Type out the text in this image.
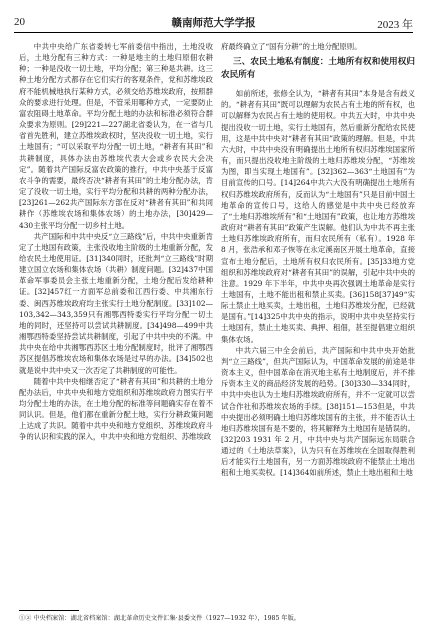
20	赣南师范大学学报	2023 年

中共中央给广东省委转七军前委信中指出，土地没收后，土地分配有三种方式：一种是地主的土地归原佃农耕种；一种是没收一切土地，平均分配；第三种是共耕。这三种土地分配方式都存在它们实行的客观条件，党和苏维埃政府不能机械地执行某种方式，必须交给苏维埃政府，按照群众的要求进行处理。但是，不管采用哪种方式，一定要防止富农阻碍土地革命。平均分配土地的办法和标准必须符合群众要求为原则。[29]221—227湖北省委认为，在一省与几省首先胜利，建立苏维埃政权时，坚决没收一切土地，实行土地国有；“可以采取平均分配一切土地，“耕者有其田”和共耕制度，具体办法由苏维埃代表大会或乡农民大会决定”。随着共产国际反富农政策的推行，中共中央基于反富农斗争的需要，最终否决“耕者有其田”的土地分配办法，肯定了没收一切土地，实行平均分配和共耕的两种分配办法，[23]261—262共产国际东方部在反对“耕者有其田”和共同耕作（苏维埃农场和集体农场）的土地办法，[30]429—430主张平均分配一切乡村土地。

共产国际和中共中央反“立三路线”后，中共中央重新肯定了土地国有政策，主张没收地主阶级的土地重新分配，发给农民土地使用证。[31]340同时，还批判“立三路线”时期建立国立农场和集体农场（共耕）制度问题。[32]437中国革命军事委员会主张土地重新分配，土地分配后发给耕种证。[32]457红一方面军总前委和江西行委、中共湘东行委、闽西苏维埃政府均主张实行土地分配制度。[33]102—103,342—343,359只有湘鄂西特委实行平均分配一切土地的同时，还坚持可以尝试共耕制度。[34]498—499中共湘鄂西特委坚持尝试共耕制度，引起了中共中央的不满。中共中央在给中共湘鄂西苏区土地分配制度时，批评了湘鄂西苏区提倡苏维埃农场和集体农场是过早的办法。[34]502也就是说中共中央又一次否定了共耕制度的可能性。

随着中共中央相继否定了“耕者有其田”和共耕的土地分配办法后，中共中央和地方党组织和苏维埃政府力图实行平均分配土地的办法，在土地分配的标准等问题确实存在着不同认识。但是，他们都在重新分配土地，实行分耕政策问题上达成了共识。随着中共中央和地方党组织、苏维埃政府斗争的认识和实践的深入，中共中央和地方党组织、苏维埃政

府最终确立了“国有分耕”的土地分配原则。

三、农民土地私有制度：土地所有权和使用权归农民所有

如前所述，张修全认为，“耕者有其田”本身是含有歧义的。“耕者有其田”既可以理解为农民占有土地的所有权，也可以解释为农民占有土地的使用权。中共五大时，中共中央提出没收一切土地，实行土地国有，然后重新分配给农民使用，这是中共中央对“耕者有其田”政策的理解。但是，中共六大时，中共中央没有明确提出土地所有权归苏维埃国家所有，而只提出没收地主阶级的土地归苏维埃分配，“苏维埃为图，即当实现土地国有”。[32]362—363“土地国有”为目前宣传的口号。[14]264中共六大没有明确提出土地所有权归苏维埃政府所有，反而认为“土地国有”只是目前中国土地革命的宣传口号，这给人的感觉是中共中央已经放弃了“土地归苏维埃所有”和“土地国有”政策，也让地方苏维埃政府对“耕者有其田”政策产生误解。他们认为中共不再主张土地归苏维埃政府所有，而归农民所有（私有）。1928 年 8 月，张浩承和邓子恢等在永定溪南区开展土地革命，直接宣布土地分配后，土地所有权归农民所有。[35]33地方党组织和苏维埃政府对“耕者有其田”的误解，引起中共中央的注意。1929 年下半年，中共中央再次强调土地革命是实行土地国有，土地不能出租和禁止买卖。[36]158[37]49“实际土禁止土地买卖，土地出租，土地归苏维埃分配，已经就是国有。”[14]325中共中央的指示，说明中共中央坚持实行土地国有，禁止土地买卖、典押、租佃，甚至提倡建立组织集体农场。

中共六届三中全会前后，共产国际和中共中央开始批判“立三路线”，但共产国际认为，中国革命发展的前途是非资本主义，但中国革命在消灭地主私有土地制度后，并不排斥资本主义的商品经济发展的趋势。[30]330—334同时，中共中央也认为土地归苏维埃政府所有，并不一定就可以尝试合作社和苏维埃农场的手续。[38]151—153但是，中共中央提出必须明确土地归苏维埃国有的主张，并不能否认土地归苏维埃国有是不要的，将其解释为土地国有是错误的。[32]203 1931 年 2 月，中共中央与共产国际远东局联合通过的《土地法草案》，认为只有在苏维埃在全国取得胜利后才能实行土地国有，另一方面苏维埃政府不能禁止土地出租和土地买卖权。[14]364如前所述，禁止土地出租和土地

①② 中央档案馆：湖北省档案馆：湖北革命历史文件汇集·县委文件（1927—1932 年），1985 年版。
